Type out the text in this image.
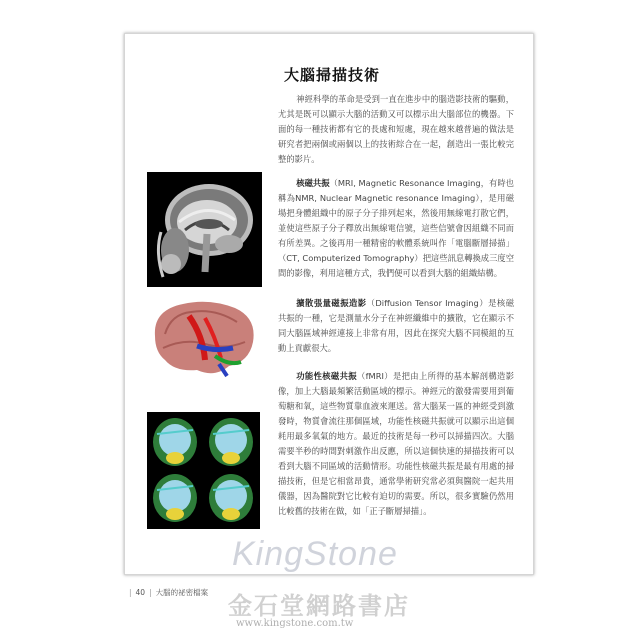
大腦掃描技術

神經科學的革命是受到一直在進步中的腦造影技術的驅動，尤其是既可以顯示大腦的活動又可以標示出大腦部位的機器。下面的每一種技術都有它的長處和短處，現在越來越普遍的做法是研究者把兩個或兩個以上的技術綜合在一起，創造出一張比較完整的影片。

核磁共振（MRI, Magnetic Resonance Imaging，有時也稱為NMR, Nuclear Magnetic resonance Imaging），是用磁場把身體組織中的原子分子排列起來，然後用無線電打散它們，並使這些原子分子釋放出無線電信號，這些信號會因組織不同而有所差異。之後再用一種精密的軟體系統叫作「電腦斷層掃描」（CT, Computerized Tomography）把這些訊息轉換成三度空間的影像，利用這種方式，我們便可以看到大腦的組織結構。

擴散張量磁振造影（Diffusion Tensor Imaging）是核磁共振的一種，它是測量水分子在神經纖維中的擴散，它在顯示不同大腦區域神經連接上非常有用，因此在探究大腦不同模組的互動上貢獻很大。

功能性核磁共振（fMRI）是把由上所得的基本解剖構造影像，加上大腦最頻繁活動區域的標示。神經元的激發需要用到葡萄糖和氧，這些物質靠血液來運送。當大腦某一區的神經受到激發時，物質會流往那個區域，功能性核磁共振就可以顯示出這個耗用最多氧氣的地方。最近的技術是每一秒可以掃描四次。大腦需要半秒的時間對刺激作出反應，所以這個快速的掃描技術可以看到大腦不同區域的活動情形。功能性核磁共振是最有用處的掃描技術，但是它相當昂貴，通常學術研究常必須與醫院一起共用儀器，因為醫院對它比較有迫切的需要。所以，很多實驗仍然用比較舊的技術在做，如「正子斷層掃描」。

| 40 | 大腦的祕密檔案
KingStone
金石堂網路書店
www.kingstone.com.tw
